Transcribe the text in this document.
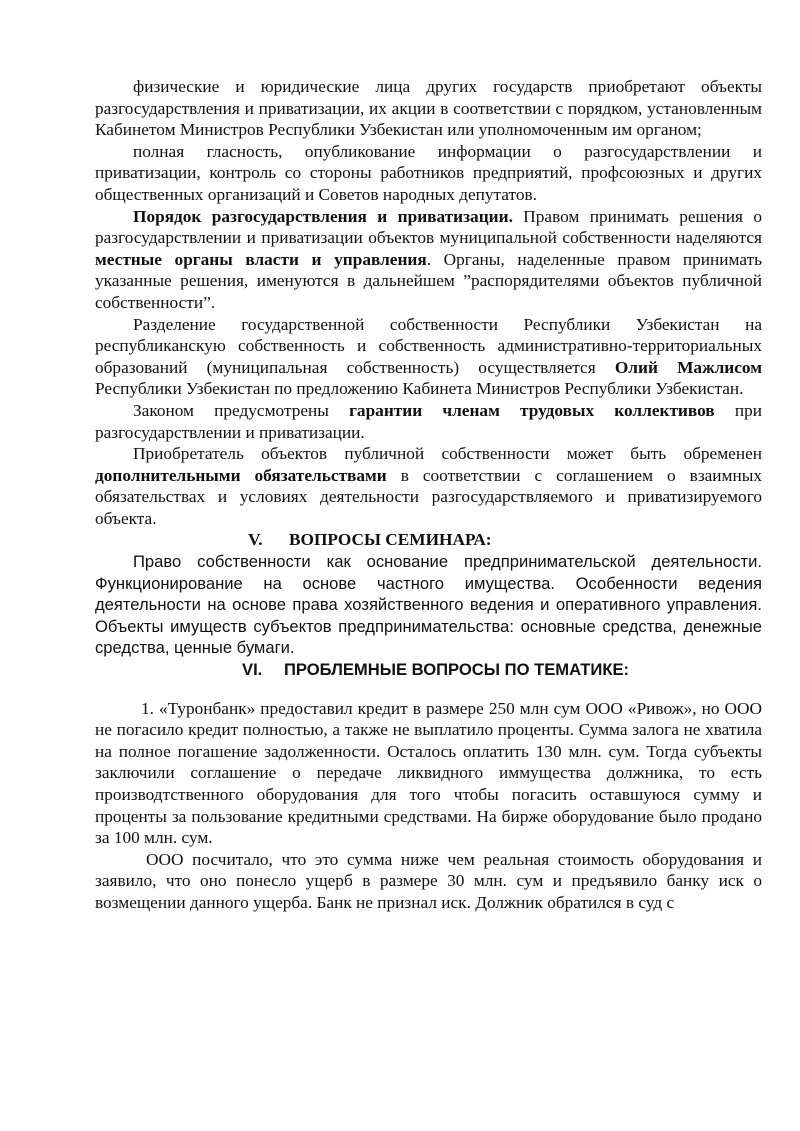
физические и юридические лица других государств приобретают объекты разгосударствления и приватизации, их акции в соответствии с порядком, установленным Кабинетом Министров Республики Узбекистан или уполномоченным им органом;

полная гласность, опубликование информации о разгосударствлении и приватизации, контроль со стороны работников предприятий, профсоюзных и других общественных организаций и Советов народных депутатов.

Порядок разгосударствления и приватизации. Правом принимать решения о разгосударствлении и приватизации объектов муниципальной собственности наделяются местные органы власти и управления. Органы, наделенные правом принимать указанные решения, именуются в дальнейшем ”распорядителями объектов публичной собственности”.

Разделение государственной собственности Республики Узбекистан на республиканскую собственность и собственность административно-территориальных образований (муниципальная собственность) осуществляется Олий Мажлисом Республики Узбекистан по предложению Кабинета Министров Республики Узбекистан.

Законом предусмотрены гарантии членам трудовых коллективов при разгосударствлении и приватизации.

Приобретатель объектов публичной собственности может быть обременен дополнительными обязательствами в соответствии с соглашением о взаимных обязательствах и условиях деятельности разгосударствляемого и приватизируемого объекта.

V. ВОПРОСЫ СЕМИНАРА:

Право собственности как основание предпринимательской деятельности. Функционирование на основе частного имущества. Особенности ведения деятельности на основе права хозяйственного ведения и оперативного управления. Объекты имуществ субъектов предпринимательства: основные средства, денежные средства, ценные бумаги.

VI. ПРОБЛЕМНЫЕ ВОПРОСЫ ПО ТЕМАТИКЕ:

1. «Туронбанк» предоставил кредит в размере 250 млн сум ООО «Ривож», но ООО не погасило кредит полностью, а также не выплатило проценты. Сумма залога не хватила на полное погашение задолженности. Осталось оплатить 130 млн. сум. Тогда субъекты заключили соглашение о передаче ликвидного иммущества должника, то есть производтственного оборудования для того чтобы погасить оставшуюся сумму и проценты за пользование кредитными средствами. На бирже оборудование было продано за 100 млн. сум.

ООО посчитало, что это сумма ниже чем реальная стоимость оборудования и заявило, что оно понесло ущерб в размере 30 млн. сум и предъявило банку иск о возмещении данного ущерба. Банк не признал иск. Должник обратился в суд с
